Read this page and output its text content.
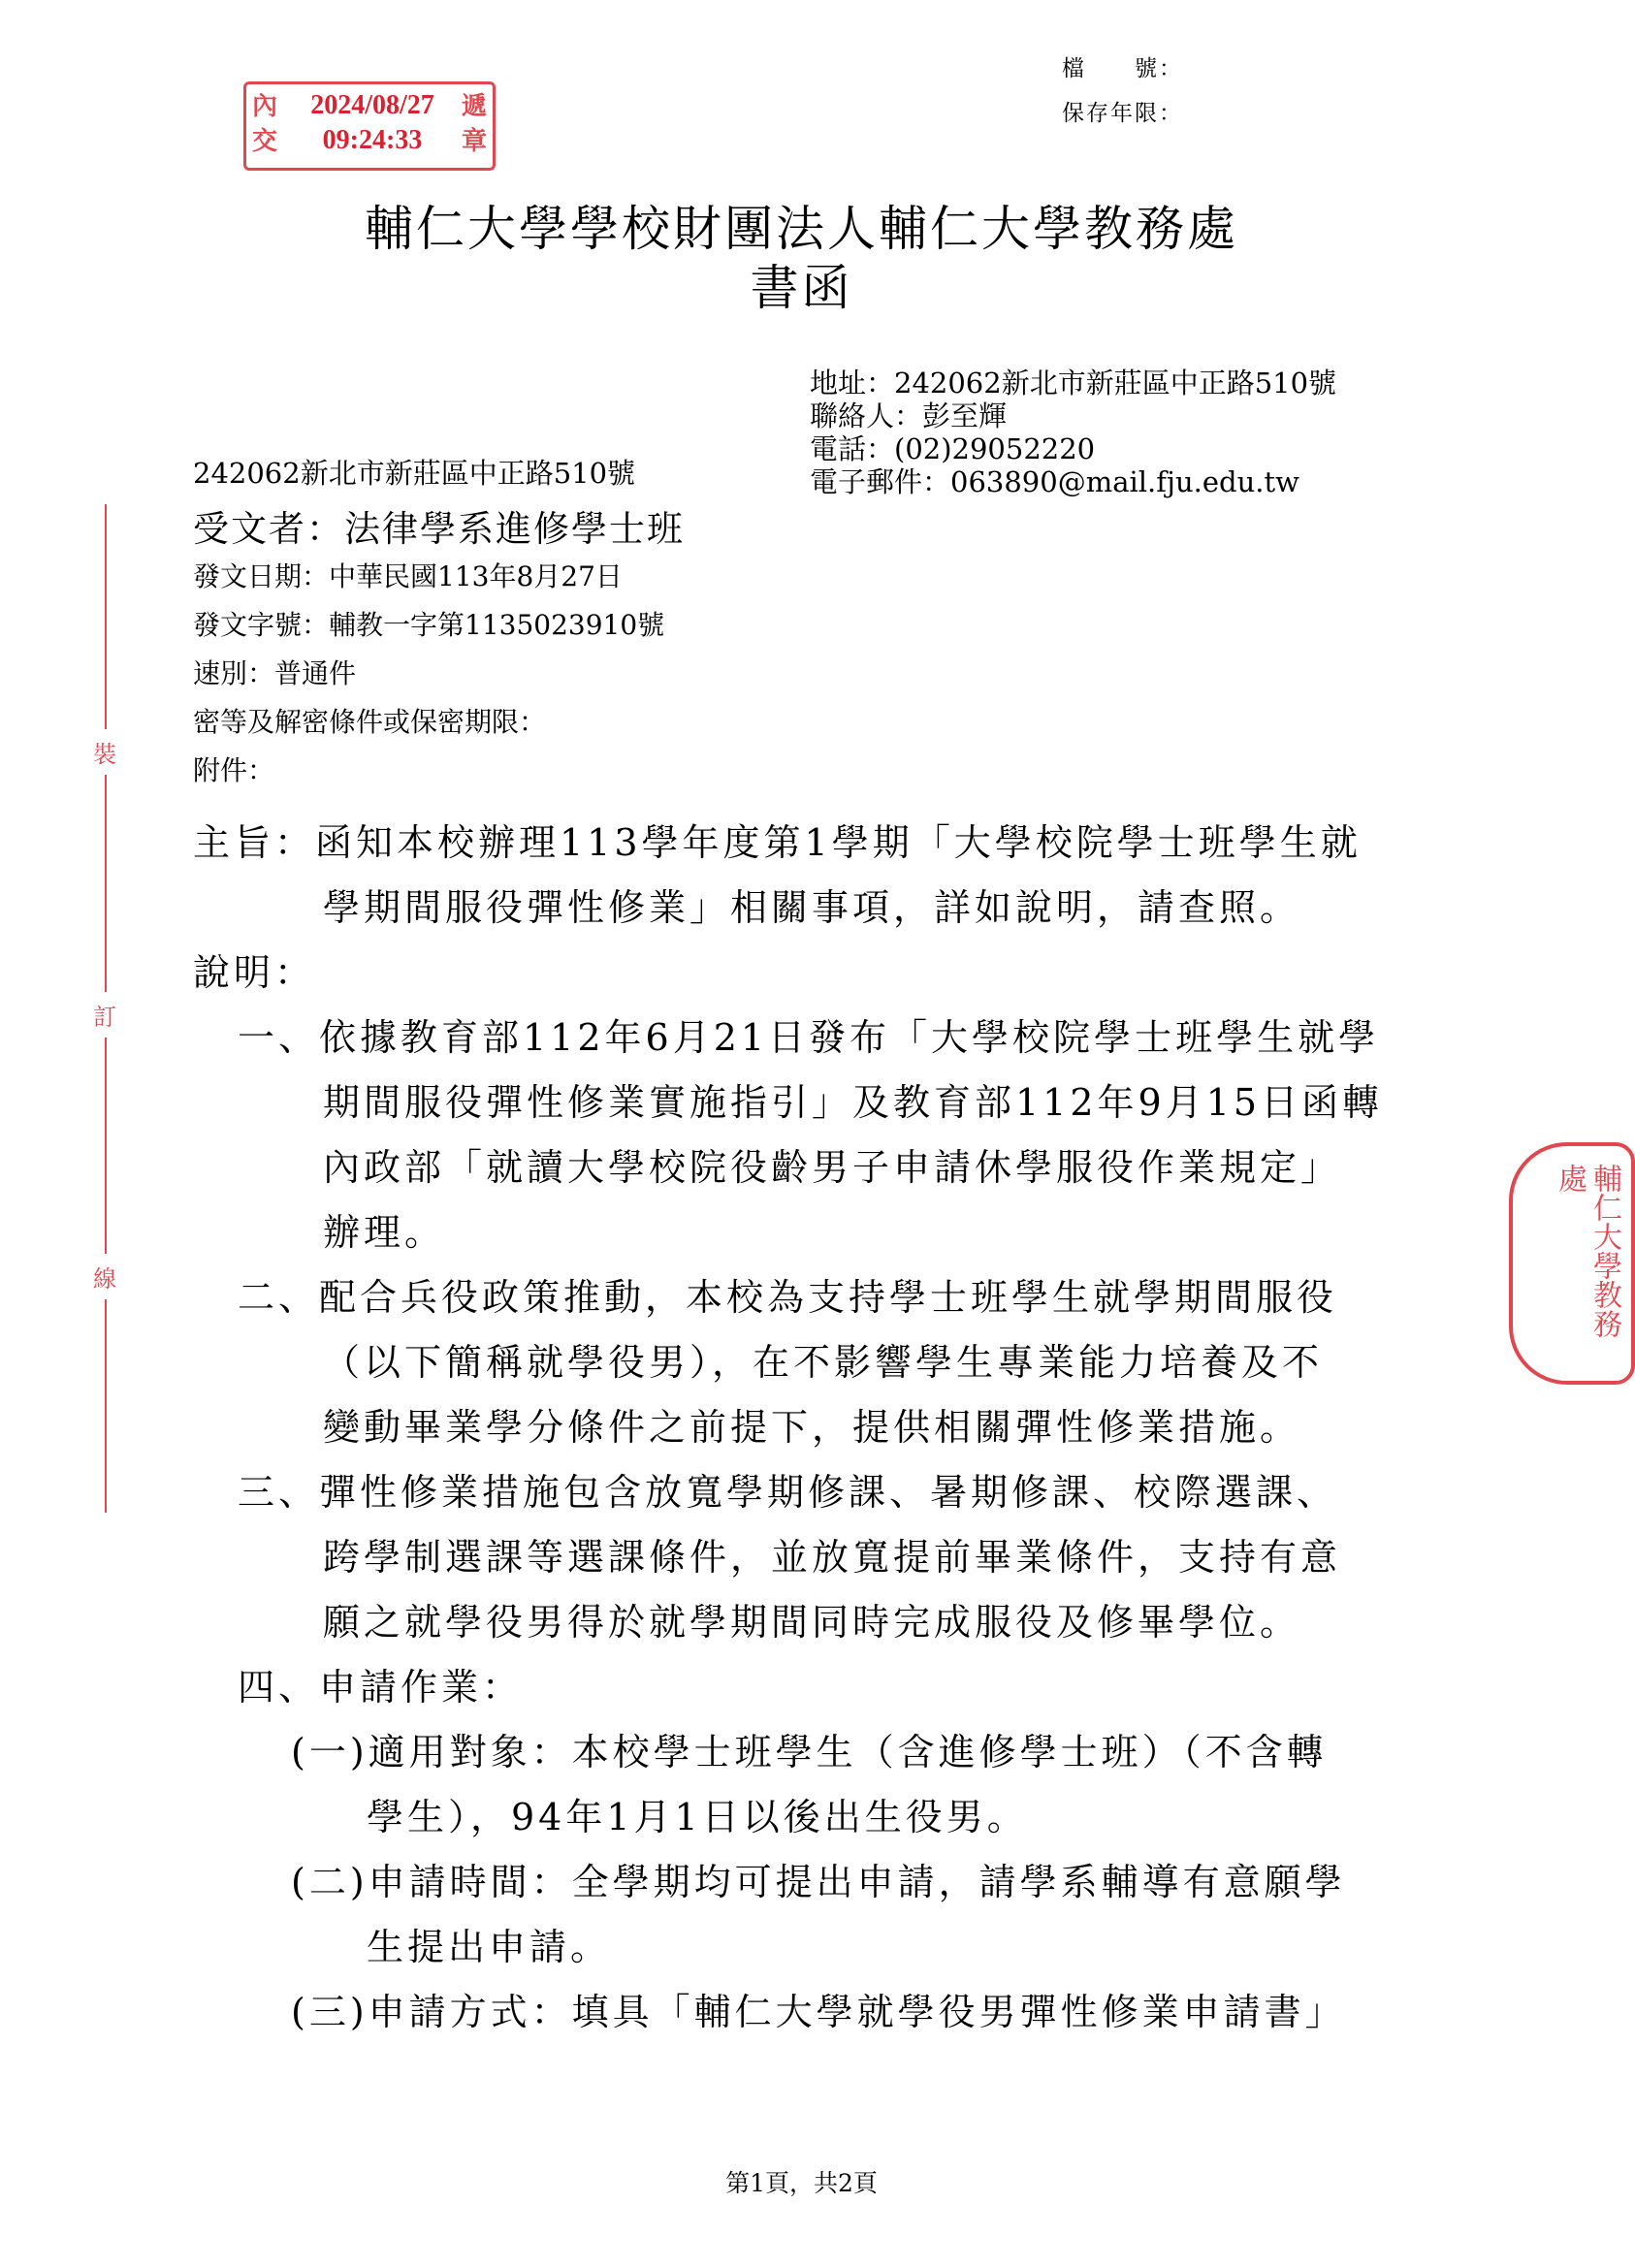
檔　　號：
保存年限：
內
交
2024/08/27
09:24:33
遞
章
輔仁大學學校財團法人輔仁大學教務處
書函
地址：242062新北市新莊區中正路510號
聯絡人：彭至輝
電話：(02)29052220
電子郵件：063890@mail.fju.edu.tw
242062新北市新莊區中正路510號
受文者：法律學系進修學士班
發文日期：中華民國113年8月27日
發文字號：輔教一字第1135023910號
速別：普通件
密等及解密條件或保密期限：
附件：
裝
訂
線
主旨：函知本校辦理113學年度第1學期「大學校院學士班學生就
學期間服役彈性修業」相關事項，詳如說明，請查照。
說明：
一、依據教育部112年6月21日發布「大學校院學士班學生就學
期間服役彈性修業實施指引」及教育部112年9月15日函轉
內政部「就讀大學校院役齡男子申請休學服役作業規定」
辦理。
二、配合兵役政策推動，本校為支持學士班學生就學期間服役
（以下簡稱就學役男），在不影響學生專業能力培養及不
變動畢業學分條件之前提下，提供相關彈性修業措施。
三、彈性修業措施包含放寬學期修課、暑期修課、校際選課、
跨學制選課等選課條件，並放寬提前畢業條件，支持有意
願之就學役男得於就學期間同時完成服役及修畢學位。
四、申請作業：
(一)適用對象：本校學士班學生（含進修學士班）（不含轉
學生），94年1月1日以後出生役男。
(二)申請時間：全學期均可提出申請，請學系輔導有意願學
生提出申請。
(三)申請方式：填具「輔仁大學就學役男彈性修業申請書」
輔仁大學教務處
第1頁，共2頁
